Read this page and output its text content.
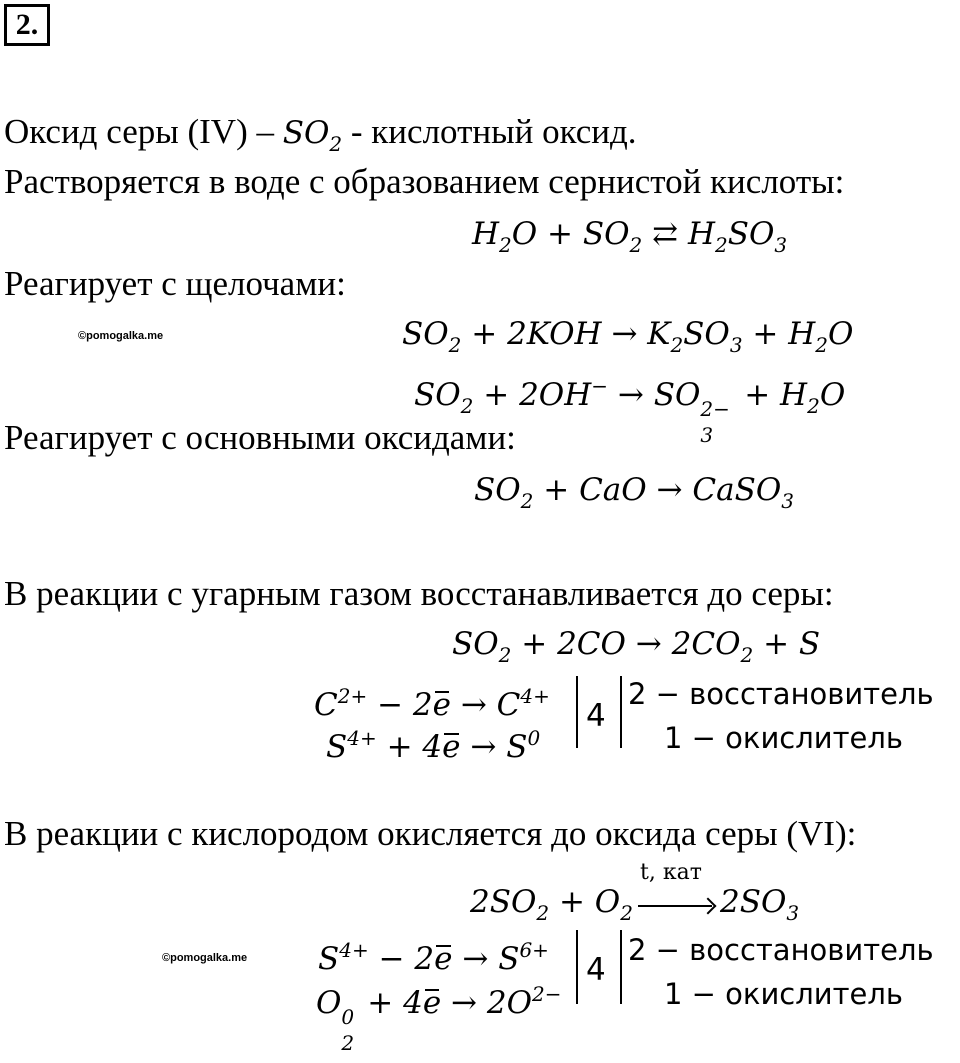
2.
Оксид серы $(IV) - SO_2$ - кислотный оксид.
Растворяется в воде с образованием сернистой кислоты:
$H_2O + SO_2$ ⇄ $H_2SO_3$
Реагирует с щелочами:
©pomogalka.me	$SO_2 + 2KOH \to K_2SO_3 + H_2O$
$SO_2 + 2OH^-$ → SO 2−
3
+ $H_2O$
Реагирует с основными оксидами:
$SO_2$ + CaO → CaSO$_3$
В реакции с угарным газом восстанавливается до серы:
$SO_2 + 2CO \to 2CO_2 + S$
$C^{2+} - 2e \to C^{4+}$
$S^{4+} + 4e \to S^0$
4
2 − восстановитель
1 − окислитель
В реакции с кислородом окисляется до оксида серы (VI):
$2SO_2 + O_2$
t, кат
$2SO_3$
©pomogalka.me $S^{4+} - 2e \to S^{6+}$
O 0
2
+ $4e \to 2O^{2-}$
4
2 − восстановитель
1 − окислитель
